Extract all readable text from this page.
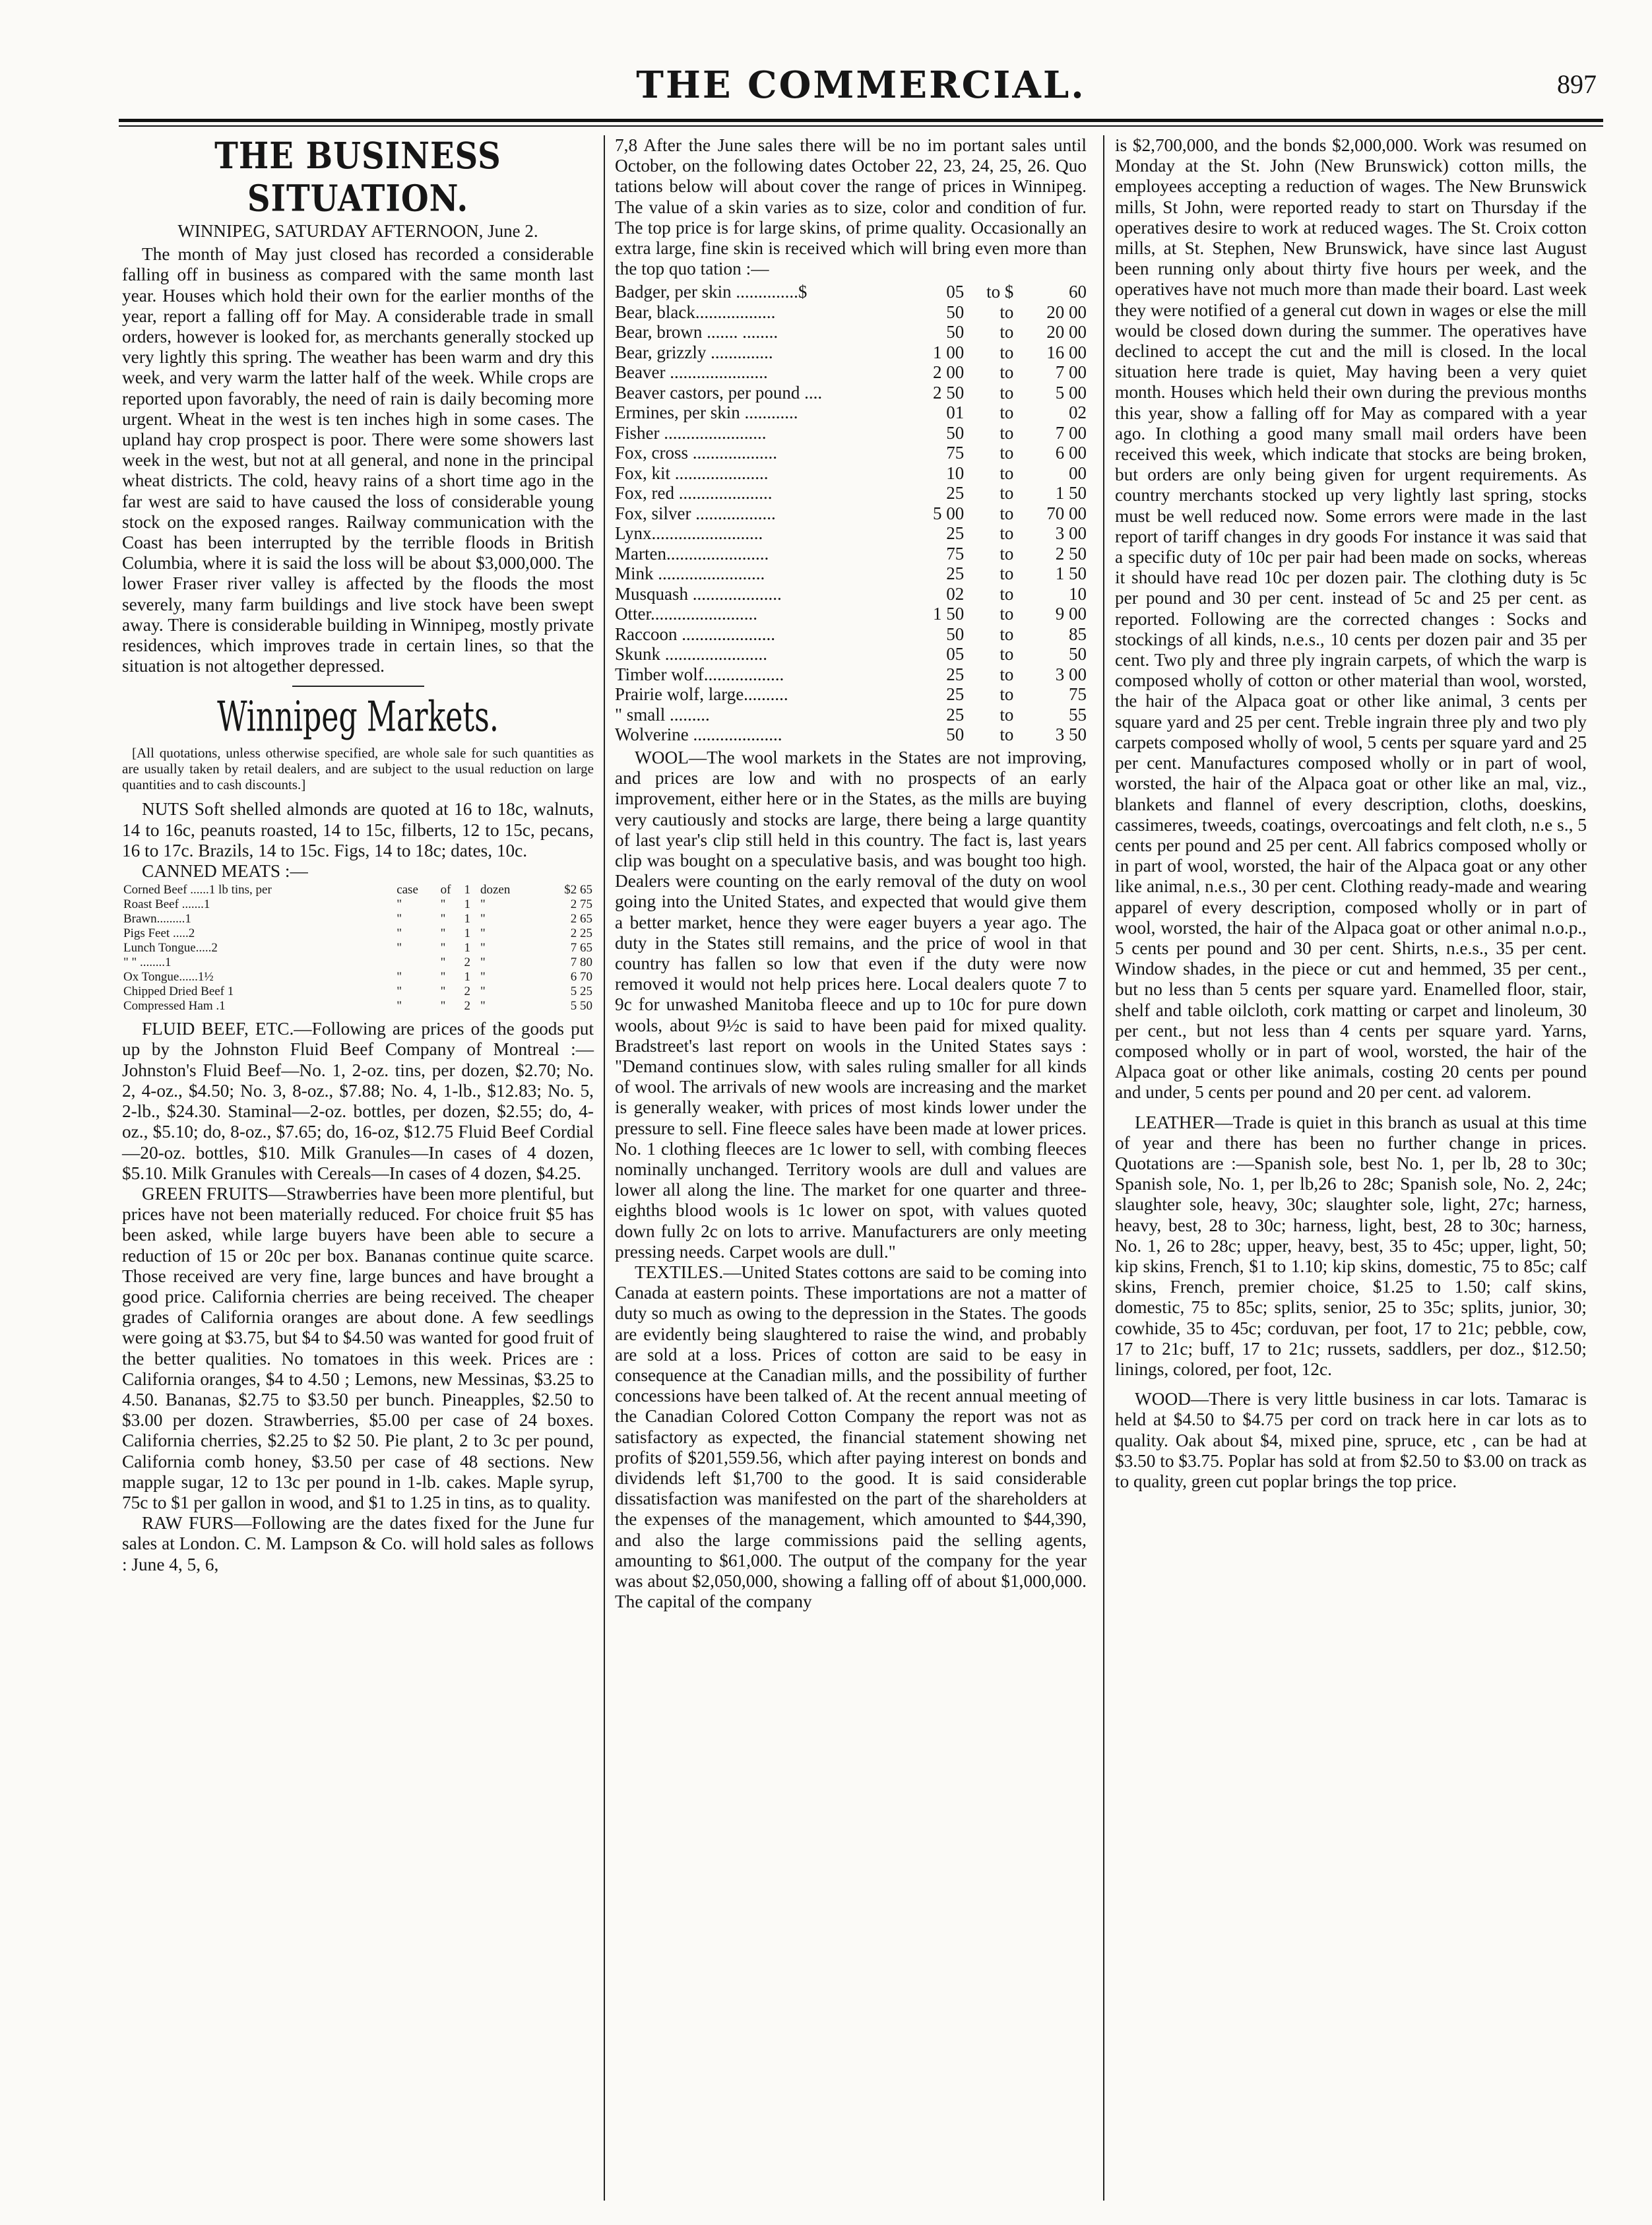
THE COMMERCIAL.	897
THE BUSINESS SITUATION.
WINNIPEG, SATURDAY AFTERNOON, June 2.

The month of May just closed has recorded a considerable falling off in business as compared with the same month last year. Houses which hold their own for the earlier months of the year, report a falling off for May. A considerable trade in small orders, however is looked for, as merchants generally stocked up very lightly this spring. The weather has been warm and dry this week, and very warm the latter half of the week. While crops are reported upon favorably, the need of rain is daily becoming more urgent. Wheat in the west is ten inches high in some cases. The upland hay crop prospect is poor. There were some showers last week in the west, but not at all general, and none in the principal wheat districts. The cold, heavy rains of a short time ago in the far west are said to have caused the loss of considerable young stock on the exposed ranges. Railway communication with the Coast has been interrupted by the terrible floods in British Columbia, where it is said the loss will be about $3,000,000. The lower Fraser river valley is affected by the floods the most severely, many farm buildings and live stock have been swept away. There is considerable building in Winnipeg, mostly private residences, which improves trade in certain lines, so that the situation is not altogether depressed.

Winnipeg Markets.

[All quotations, unless otherwise specified, are whole sale for such quantities as are usually taken by retail dealers, and are subject to the usual reduction on large quantities and to cash discounts.]

NUTS Soft shelled almonds are quoted at 16 to 18c, walnuts, 14 to 16c, peanuts roasted, 14 to 15c, filberts, 12 to 15c, pecans, 16 to 17c. Brazils, 14 to 15c. Figs, 14 to 18c; dates, 10c.

CANNED MEATS :—

Corned Beef ......1 lb tins, per	case	of	1	dozen	$2 65
Roast Beef .......1	"	"	1	"	2 75
Brawn.........1	"	"	1	"	2 65
Pigs Feet .....2	"	"	1	"	2 25
Lunch Tongue.....2	"	"	1	"	7 65
" " ........1		"	2	"	7 80
Ox Tongue......1½	"	"	1	"	6 70
Chipped Dried Beef 1	"	"	2	"	5 25
Compressed Ham .1	"	"	2	"	5 50

FLUID BEEF, ETC.—Following are prices of the goods put up by the Johnston Fluid Beef Company of Montreal :—Johnston's Fluid Beef—No. 1, 2-oz. tins, per dozen, $2.70; No. 2, 4-oz., $4.50; No. 3, 8-oz., $7.88; No. 4, 1-lb., $12.83; No. 5, 2-lb., $24.30. Staminal—2-oz. bottles, per dozen, $2.55; do, 4-oz., $5.10; do, 8-oz., $7.65; do, 16-oz, $12.75 Fluid Beef Cordial—20-oz. bottles, $10. Milk Granules—In cases of 4 dozen, $5.10. Milk Granules with Cereals—In cases of 4 dozen, $4.25.

GREEN FRUITS—Strawberries have been more plentiful, but prices have not been materially reduced. For choice fruit $5 has been asked, while large buyers have been able to secure a reduction of 15 or 20c per box. Bananas continue quite scarce. Those received are very fine, large bunces and have brought a good price. California cherries are being received. The cheaper grades of California oranges are about done. A few seedlings were going at $3.75, but $4 to $4.50 was wanted for good fruit of the better qualities. No tomatoes in this week. Prices are : California oranges, $4 to 4.50 ; Lemons, new Messinas, $3.25 to 4.50. Bananas, $2.75 to $3.50 per bunch. Pineapples, $2.50 to $3.00 per dozen. Strawberries, $5.00 per case of 24 boxes. California cherries, $2.25 to $2 50. Pie plant, 2 to 3c per pound, California comb honey, $3.50 per case of 48 sections. New mapple sugar, 12 to 13c per pound in 1-lb. cakes. Maple syrup, 75c to $1 per gallon in wood, and $1 to 1.25 in tins, as to quality.

RAW FURS—Following are the dates fixed for the June fur sales at London. C. M. Lampson & Co. will hold sales as follows : June 4, 5, 6,

7,8 After the June sales there will be no im portant sales until October, on the following dates October 22, 23, 24, 25, 26. Quo tations below will about cover the range of prices in Winnipeg. The value of a skin varies as to size, color and condition of fur. The top price is for large skins, of prime quality. Occasionally an extra large, fine skin is received which will bring even more than the top quo tation :—

Badger, per skin ..............$	05	to $	60
Bear, black..................	50	to	20 00
Bear, brown ....... ........	50	to	20 00
Bear, grizzly ..............	1 00	to	16 00
Beaver ......................	2 00	to	7 00
Beaver castors, per pound ....	2 50	to	5 00
Ermines, per skin ............	01	to	02
Fisher .......................	50	to	7 00
Fox, cross ...................	75	to	6 00
Fox, kit .....................	10	to	00
Fox, red .....................	25	to	1 50
Fox, silver ..................	5 00	to	70 00
Lynx.........................	25	to	3 00
Marten.......................	75	to	2 50
Mink ........................	25	to	1 50
Musquash ....................	02	to	10
Otter........................	1 50	to	9 00
Raccoon .....................	50	to	85
Skunk .......................	05	to	50
Timber wolf..................	25	to	3 00
Prairie wolf, large..........	25	to	75
" small .........	25	to	55
Wolverine ....................	50	to	3 50

WOOL—The wool markets in the States are not improving, and prices are low and with no prospects of an early improvement, either here or in the States, as the mills are buying very cautiously and stocks are large, there being a large quantity of last year's clip still held in this country. The fact is, last years clip was bought on a speculative basis, and was bought too high. Dealers were counting on the early removal of the duty on wool going into the United States, and expected that would give them a better market, hence they were eager buyers a year ago. The duty in the States still remains, and the price of wool in that country has fallen so low that even if the duty were now removed it would not help prices here. Local dealers quote 7 to 9c for unwashed Manitoba fleece and up to 10c for pure down wools, about 9½c is said to have been paid for mixed quality. Bradstreet's last report on wools in the United States says : "Demand continues slow, with sales ruling smaller for all kinds of wool. The arrivals of new wools are increasing and the market is generally weaker, with prices of most kinds lower under the pressure to sell. Fine fleece sales have been made at lower prices. No. 1 clothing fleeces are 1c lower to sell, with combing fleeces nominally unchanged. Territory wools are dull and values are lower all along the line. The market for one quarter and three-eighths blood wools is 1c lower on spot, with values quoted down fully 2c on lots to arrive. Manufacturers are only meeting pressing needs. Carpet wools are dull."

TEXTILES.—United States cottons are said to be coming into Canada at eastern points. These importations are not a matter of duty so much as owing to the depression in the States. The goods are evidently being slaughtered to raise the wind, and probably are sold at a loss. Prices of cotton are said to be easy in consequence at the Canadian mills, and the possibility of further concessions have been talked of. At the recent annual meeting of the Canadian Colored Cotton Company the report was not as satisfactory as expected, the financial statement showing net profits of $201,559.56, which after paying interest on bonds and dividends left $1,700 to the good. It is said considerable dissatisfaction was manifested on the part of the shareholders at the expenses of the management, which amounted to $44,390, and also the large commissions paid the selling agents, amounting to $61,000. The output of the company for the year was about $2,050,000, showing a falling off of about $1,000,000. The capital of the company

is $2,700,000, and the bonds $2,000,000. Work was resumed on Monday at the St. John (New Brunswick) cotton mills, the employees accepting a reduction of wages. The New Brunswick mills, St John, were reported ready to start on Thursday if the operatives desire to work at reduced wages. The St. Croix cotton mills, at St. Stephen, New Brunswick, have since last August been running only about thirty five hours per week, and the operatives have not much more than made their board. Last week they were notified of a general cut down in wages or else the mill would be closed down during the summer. The operatives have declined to accept the cut and the mill is closed. In the local situation here trade is quiet, May having been a very quiet month. Houses which held their own during the previous months this year, show a falling off for May as compared with a year ago. In clothing a good many small mail orders have been received this week, which indicate that stocks are being broken, but orders are only being given for urgent requirements. As country merchants stocked up very lightly last spring, stocks must be well reduced now. Some errors were made in the last report of tariff changes in dry goods For instance it was said that a specific duty of 10c per pair had been made on socks, whereas it should have read 10c per dozen pair. The clothing duty is 5c per pound and 30 per cent. instead of 5c and 25 per cent. as reported. Following are the corrected changes : Socks and stockings of all kinds, n.e.s., 10 cents per dozen pair and 35 per cent. Two ply and three ply ingrain carpets, of which the warp is composed wholly of cotton or other material than wool, worsted, the hair of the Alpaca goat or other like animal, 3 cents per square yard and 25 per cent. Treble ingrain three ply and two ply carpets composed wholly of wool, 5 cents per square yard and 25 per cent. Manufactures composed wholly or in part of wool, worsted, the hair of the Alpaca goat or other like an mal, viz., blankets and flannel of every description, cloths, doeskins, cassimeres, tweeds, coatings, overcoatings and felt cloth, n.e s., 5 cents per pound and 25 per cent. All fabrics composed wholly or in part of wool, worsted, the hair of the Alpaca goat or any other like animal, n.e.s., 30 per cent. Clothing ready-made and wearing apparel of every description, composed wholly or in part of wool, worsted, the hair of the Alpaca goat or other animal n.o.p., 5 cents per pound and 30 per cent. Shirts, n.e.s., 35 per cent. Window shades, in the piece or cut and hemmed, 35 per cent., but no less than 5 cents per square yard. Enamelled floor, stair, shelf and table oilcloth, cork matting or carpet and linoleum, 30 per cent., but not less than 4 cents per square yard. Yarns, composed wholly or in part of wool, worsted, the hair of the Alpaca goat or other like animals, costing 20 cents per pound and under, 5 cents per pound and 20 per cent. ad valorem.

LEATHER—Trade is quiet in this branch as usual at this time of year and there has been no further change in prices. Quotations are :—Spanish sole, best No. 1, per lb, 28 to 30c; Spanish sole, No. 1, per lb,26 to 28c; Spanish sole, No. 2, 24c; slaughter sole, heavy, 30c; slaughter sole, light, 27c; harness, heavy, best, 28 to 30c; harness, light, best, 28 to 30c; harness, No. 1, 26 to 28c; upper, heavy, best, 35 to 45c; upper, light, 50; kip skins, French, $1 to 1.10; kip skins, domestic, 75 to 85c; calf skins, French, premier choice, $1.25 to 1.50; calf skins, domestic, 75 to 85c; splits, senior, 25 to 35c; splits, junior, 30; cowhide, 35 to 45c; corduvan, per foot, 17 to 21c; pebble, cow, 17 to 21c; buff, 17 to 21c; russets, saddlers, per doz., $12.50; linings, colored, per foot, 12c.

WOOD—There is very little business in car lots. Tamarac is held at $4.50 to $4.75 per cord on track here in car lots as to quality. Oak about $4, mixed pine, spruce, etc , can be had at $3.50 to $3.75. Poplar has sold at from $2.50 to $3.00 on track as to quality, green cut poplar brings the top price.
